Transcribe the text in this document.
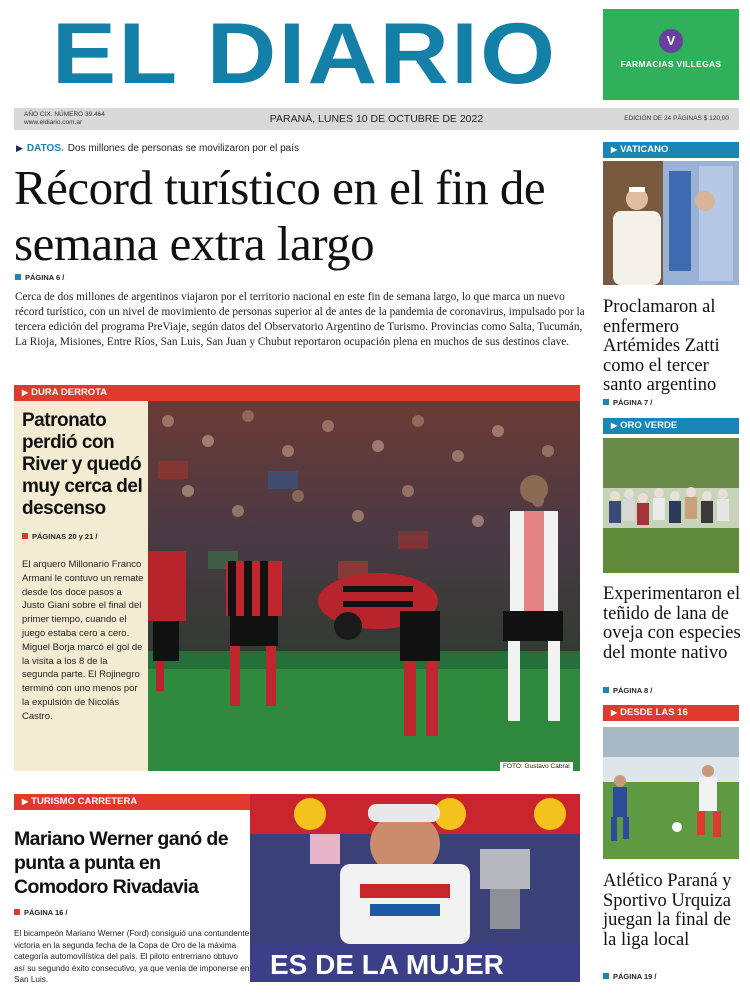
EL DIARIO	V
FARMACIAS VILLEGAS
AÑO CIX. NÚMERO 39.464
www.eldiario.com.ar	PARANÁ, LUNES 10 DE OCTUBRE DE 2022	EDICIÓN DE 24 PÁGINAS $ 120,00
▶ DATOS. Dos millones de personas se movilizaron por el país
Récord turístico en el fin de semana extra largo
PÁGINA 6 /
Cerca de dos millones de argentinos viajaron por el territorio nacional en este fin de semana largo, lo que marca un nuevo récord turístico, con un nivel de movimiento de personas superior al de antes de la pandemia de coronavirus, impulsado por la tercera edición del programa PreViaje, según datos del Observatorio Argentino de Turismo. Provincias como Salta, Tucumán, La Rioja, Misiones, Entre Ríos, San Luis, San Juan y Chubut reportaron ocupación plena en muchos de sus destinos clave.
▶ DURA DERROTA
Patronato perdió con River y quedó muy cerca del descenso
PÁGINAS 20 y 21 /
El arquero Millonario Franco Armani le contuvo un remate desde los doce pasos a Justo Giani sobre el final del primer tiempo, cuando el juego estaba cero a cero. Miguel Borja marcó el gol de la visita a los 8 de la segunda parte. El Rojinegro terminó con uno menos por la expulsión de Nicolás Castro.
FOTO: Gustavo Cabral
▶ TURISMO CARRETERA
Mariano Werner ganó de punta a punta en Comodoro Rivadavia
PÁGINA 16 /
El bicampeón Mariano Werner (Ford) consiguió una contundente victoria en la segunda fecha de la Copa de Oro de la máxima categoría automovilística del país. El piloto entrerriano obtuvo así su segundo éxito consecutivo, ya que venía de imponerse en San Luis.	ES DE LA MUJER
▶ VATICANO
Proclamaron al enfermero Artémides Zatti como el tercer santo argentino
PÁGINA 7 /
▶ ORO VERDE
Experimentaron el teñido de lana de oveja con especies del monte nativo
PÁGINA 8 /
▶ DESDE LAS 16
Atlético Paraná y Sportivo Urquiza juegan la final de la liga local
PÁGINA 19 /
